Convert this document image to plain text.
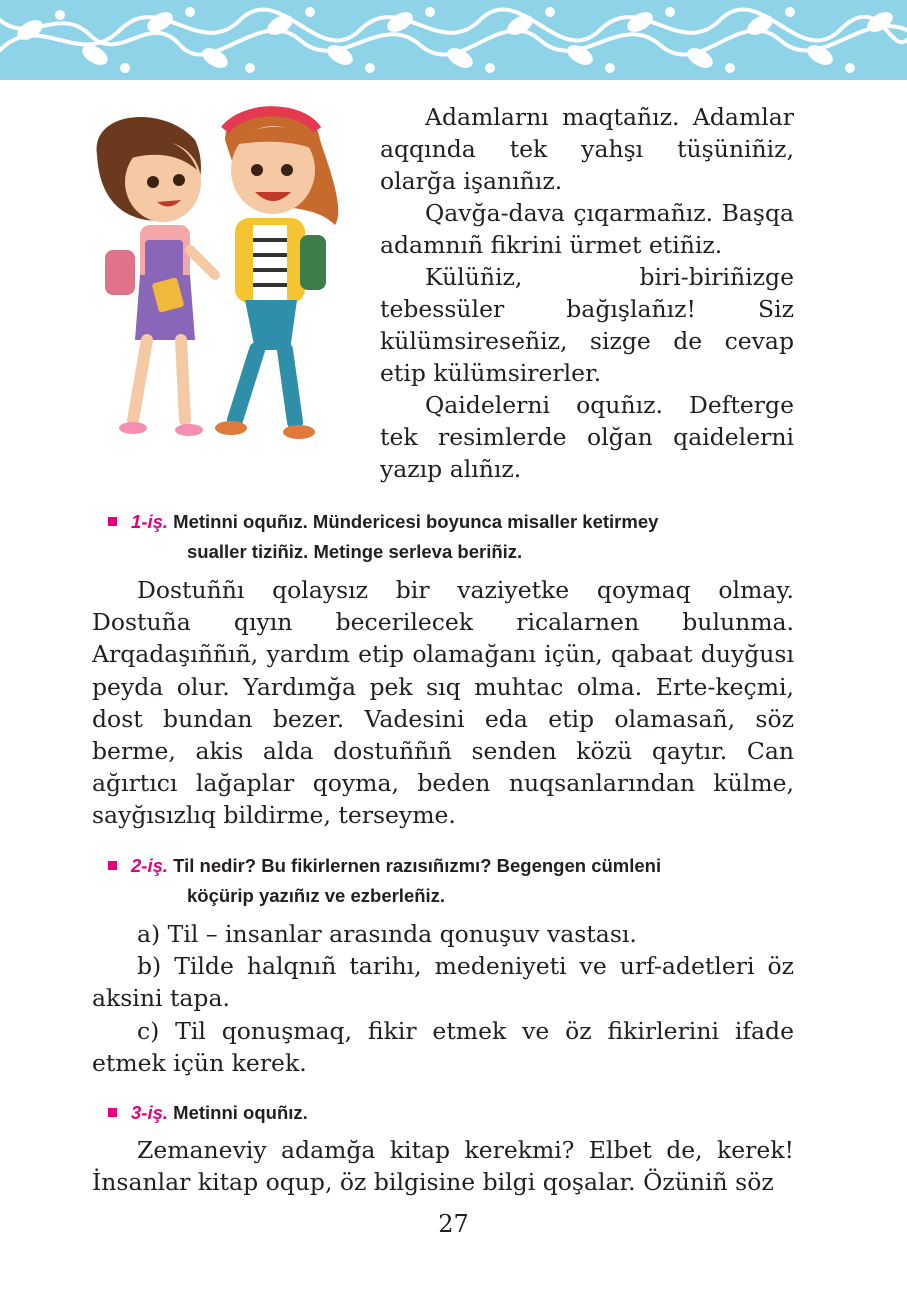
Adamlarnı maqtañız. Adamlar aqqında tek yahşı tüşüniñiz, olarğa işanıñız.

Qavğa-dava çıqarmañız. Başqa adamnıñ fikrini ürmet etiñiz.

Külüñiz, biri-biriñizge tebessüler bağışlañız! Siz külümsireseñiz, sizge de cevap etip külümsirerler.

Qaidelerni oquñız. Defterge tek resimlerde olğan qaidelerni yazıp alıñız.

1-iş. Metinni oquñız. Mündericesi boyunca misaller ketirmey
sualler tiziñiz. Metinge serleva beriñiz.

Dostuññı qolaysız bir vaziyetke qoymaq olmay. Dostuña qıyın becerilecek ricalarnen bulunma. Arqadaşıññıñ, yardım etip olamağanı içün, qabaat duyğusı peyda olur. Yardımğa pek sıq muhtac olma. Erte-keçmi, dost bundan bezer. Vadesini eda etip olamasañ, söz berme, akis alda dostuññıñ senden közü qaytır. Can ağırtıcı lağaplar qoyma, beden nuqsanlarından külme, sayğısızlıq bildirme, terseyme.

2-iş. Til nedir? Bu fikirlernen razısıñızmı? Begengen cümleni
köçürip yazıñız ve ezberleñiz.

a) Til – insanlar arasında qonuşuv vastası.

b) Tilde halqnıñ tarihı, medeniyeti ve urf-adetleri öz aksini tapa.

c) Til qonuşmaq, fikir etmek ve öz fikirlerini ifade etmek içün kerek.

3-iş. Metinni oquñız.

Zemaneviy adamğa kitap kerekmi? Elbet de, kerek! İnsanlar kitap oqup, öz bilgisine bilgi qoşalar. Özüniñ söz

27
